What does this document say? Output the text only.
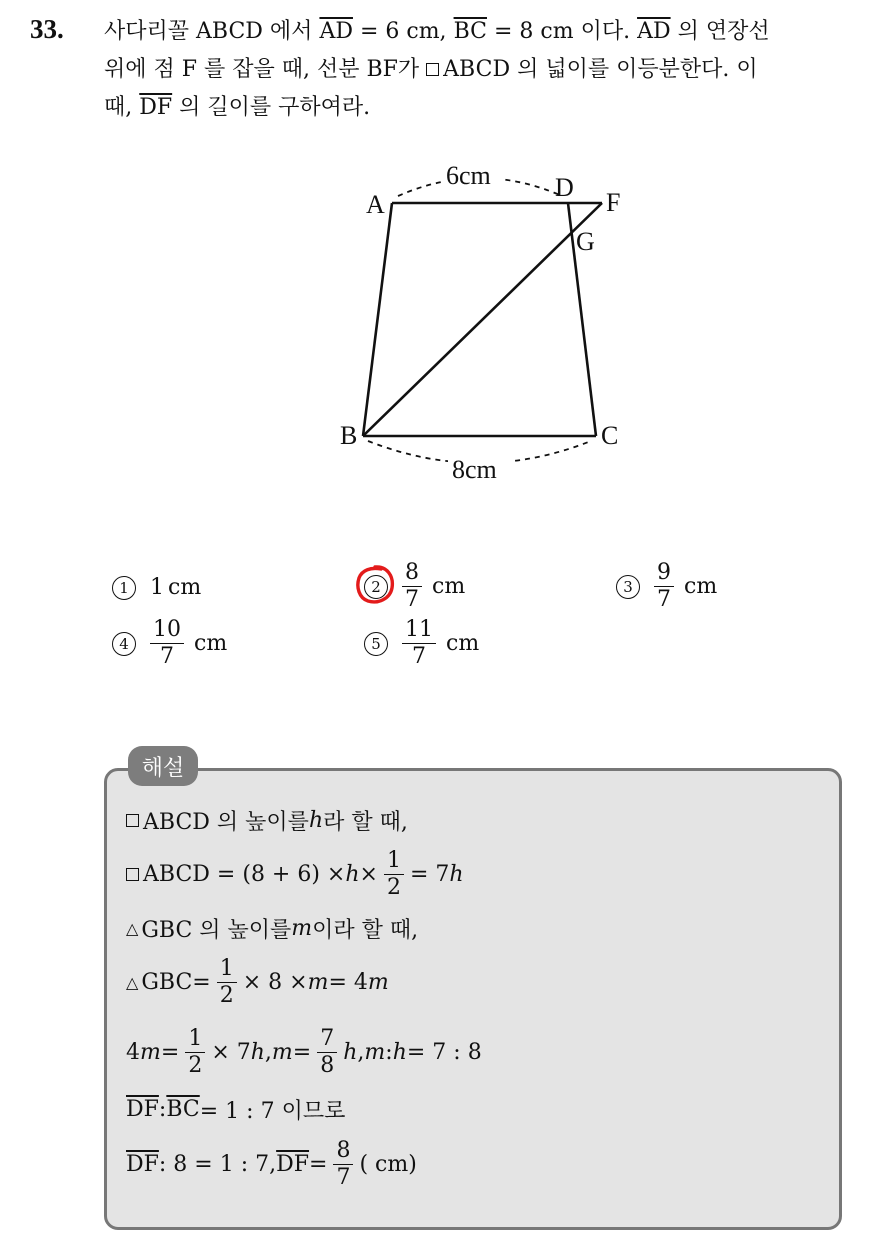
33. 사다리꼴 ABCD 에서 $\overline{AD} = 6$ cm, $\overline{BC} = 8$ cm 이다. $\overline{AD}$ 의 연장선
위에 점 F 를 잡을 때, 선분 BF가 ABCD 의 넓이를 이등분한다. 이
때, $\overline{DF}$ 의 길이를 구하여라.
A
D
F
G
B	C
6cm
8cm
1 1 cm	$2 \frac{8}{7}$ cm	$3 \frac{9}{7}$ cm
$4 \frac{10}{7}$ cm	$5 \frac{11}{7}$ cm
해설
ABCD 의 높이를 h 라 할 때,
ABCD = $(8 + 6) \times h \times \frac{1}{2} = 7$ h
△ GBC 의 높이를 m 이라 할 때,
△ $GBC= \frac{1}{2} \times 8 \times m = 4$ m
4 $m = \frac{1}{2} \times 7$ h , $m = \frac{7}{8}$ h , m : h = 7 : 8
$\overline{DF}$ : $\overline{BC} = 1$ : 7 이므로
$\overline{DF}$ : 8 = 1 : 7, $\overline{DF} = \frac{8}{7}$ ( cm)
